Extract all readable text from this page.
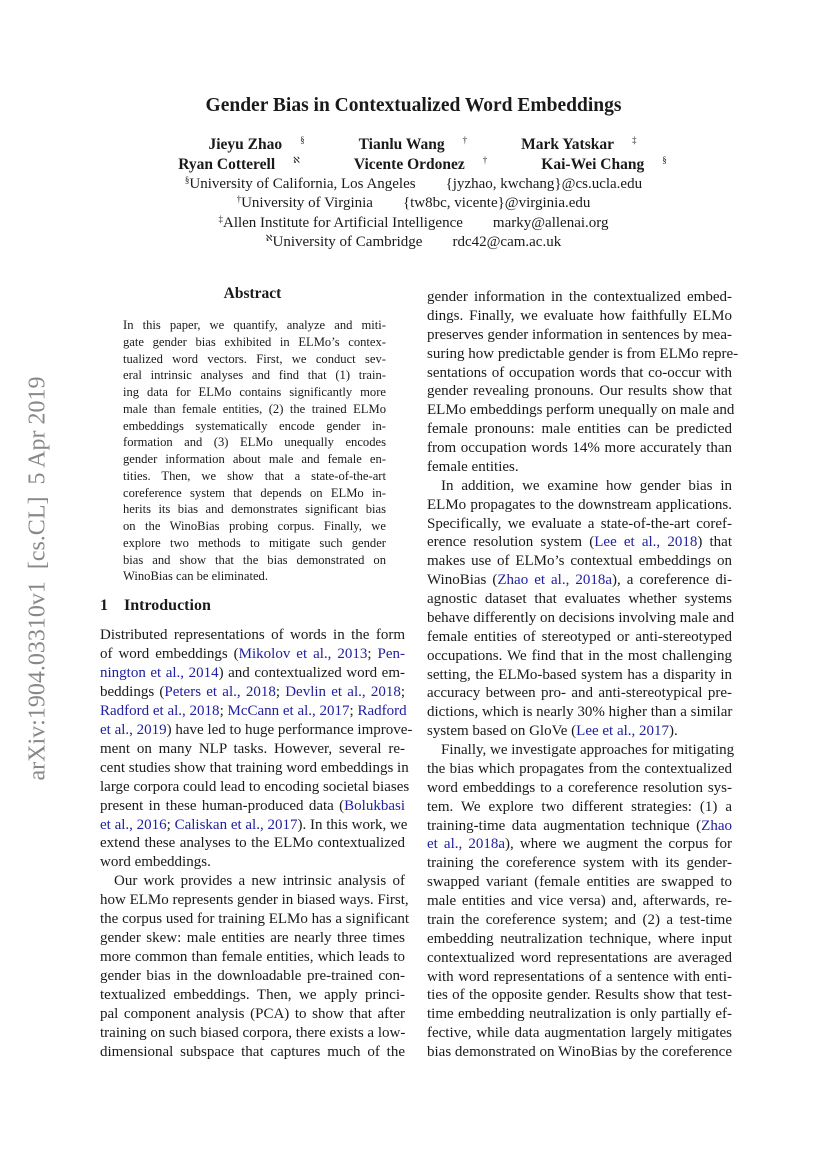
arXiv:1904.03310v1  [cs.CL]  5 Apr 2019
Gender Bias in Contextualized Word Embeddings
Jieyu Zhao §	Tianlu Wang †	Mark Yatskar ‡
Ryan Cotterell $^ℵ$	Vicente Ordonez †	Kai-Wei Chang §
§University of California, Los Angeles        {jyzhao, kwchang}@cs.ucla.edu
†University of Virginia        {tw8bc, vicente}@virginia.edu
‡Allen Institute for Artificial Intelligence        marky@allenai.org
$^ℵ$University of Cambridge        rdc42@cam.ac.uk
Abstract
In this paper, we quantify, analyze and miti-
gate gender bias exhibited in ELMo’s contex-
tualized word vectors. First, we conduct sev-
eral intrinsic analyses and find that (1) train-
ing data for ELMo contains significantly more
male than female entities, (2) the trained ELMo
embeddings systematically encode gender in-
formation and (3) ELMo unequally encodes
gender information about male and female en-
tities. Then, we show that a state-of-the-art
coreference system that depends on ELMo in-
herits its bias and demonstrates significant bias
on the WinoBias probing corpus. Finally, we
explore two methods to mitigate such gender
bias and show that the bias demonstrated on
WinoBias can be eliminated.
1 Introduction
Distributed representations of words in the form
of word embeddings (Mikolov et al., 2013; Pen-
nington et al., 2014) and contextualized word em-
beddings (Peters et al., 2018; Devlin et al., 2018;
Radford et al., 2018; McCann et al., 2017; Radford
et al., 2019) have led to huge performance improve-
ment on many NLP tasks. However, several re-
cent studies show that training word embeddings in
large corpora could lead to encoding societal biases
present in these human-produced data (Bolukbasi
et al., 2016; Caliskan et al., 2017). In this work, we
extend these analyses to the ELMo contextualized
word embeddings.
Our work provides a new intrinsic analysis of
how ELMo represents gender in biased ways. First,
the corpus used for training ELMo has a significant
gender skew: male entities are nearly three times
more common than female entities, which leads to
gender bias in the downloadable pre-trained con-
textualized embeddings. Then, we apply princi-
pal component analysis (PCA) to show that after
training on such biased corpora, there exists a low-
dimensional subspace that captures much of the
gender information in the contextualized embed-
dings. Finally, we evaluate how faithfully ELMo
preserves gender information in sentences by mea-
suring how predictable gender is from ELMo repre-
sentations of occupation words that co-occur with
gender revealing pronouns. Our results show that
ELMo embeddings perform unequally on male and
female pronouns: male entities can be predicted
from occupation words 14% more accurately than
female entities.
In addition, we examine how gender bias in
ELMo propagates to the downstream applications.
Specifically, we evaluate a state-of-the-art coref-
erence resolution system (Lee et al., 2018) that
makes use of ELMo’s contextual embeddings on
WinoBias (Zhao et al., 2018a), a coreference di-
agnostic dataset that evaluates whether systems
behave differently on decisions involving male and
female entities of stereotyped or anti-stereotyped
occupations. We find that in the most challenging
setting, the ELMo-based system has a disparity in
accuracy between pro- and anti-stereotypical pre-
dictions, which is nearly 30% higher than a similar
system based on GloVe (Lee et al., 2017).
Finally, we investigate approaches for mitigating
the bias which propagates from the contextualized
word embeddings to a coreference resolution sys-
tem. We explore two different strategies: (1) a
training-time data augmentation technique (Zhao
et al., 2018a), where we augment the corpus for
training the coreference system with its gender-
swapped variant (female entities are swapped to
male entities and vice versa) and, afterwards, re-
train the coreference system; and (2) a test-time
embedding neutralization technique, where input
contextualized word representations are averaged
with word representations of a sentence with enti-
ties of the opposite gender. Results show that test-
time embedding neutralization is only partially ef-
fective, while data augmentation largely mitigates
bias demonstrated on WinoBias by the coreference
